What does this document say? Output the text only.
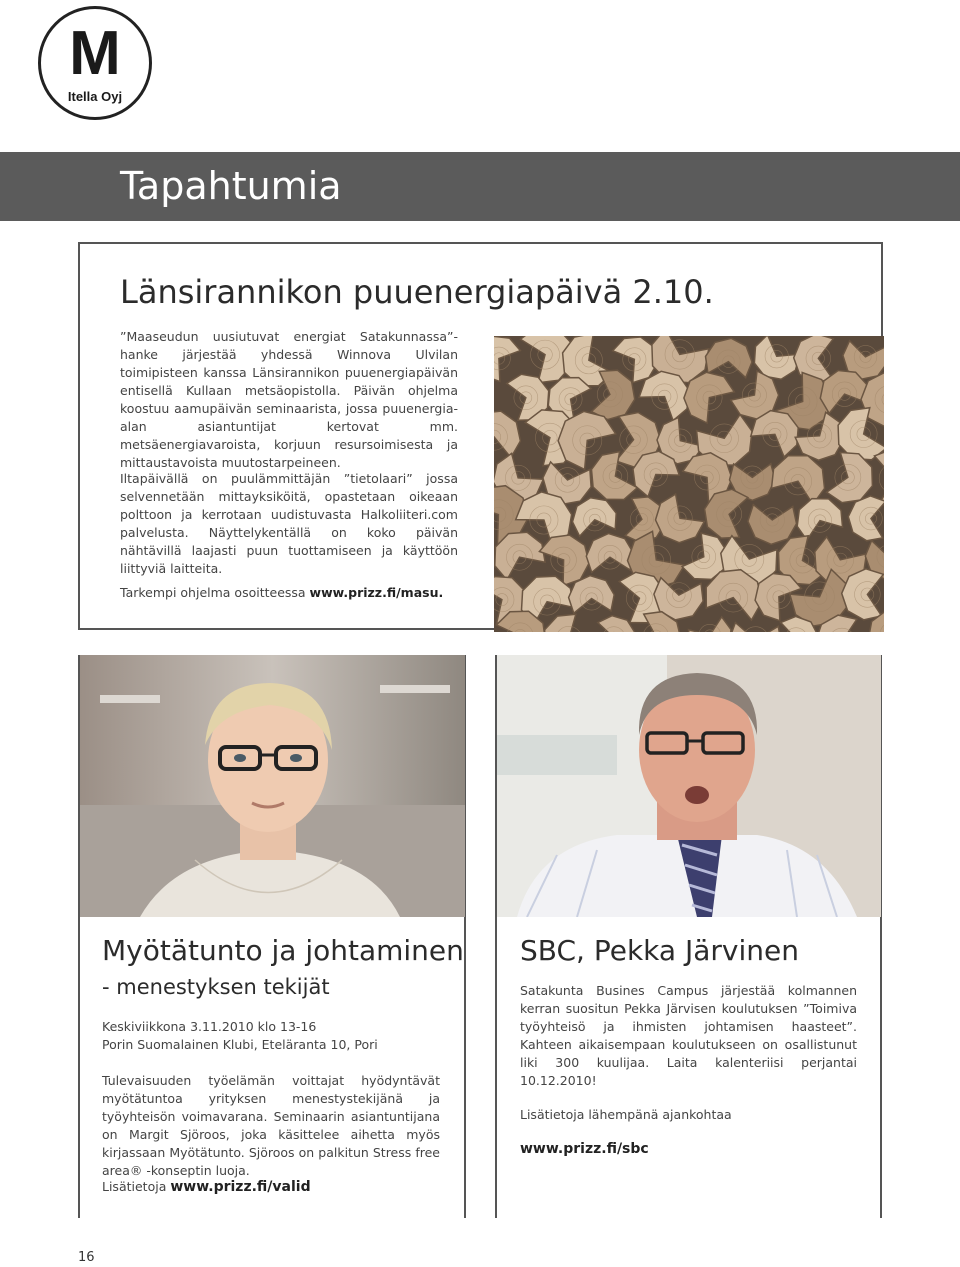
M
Itella Oyj
Tapahtumia
Länsirannikon puuenergiapäivä 2.10.

”Maaseudun uusiutuvat energiat Satakunnassa”-hanke järjestää yhdessä Winnova Ulvilan toimipisteen kanssa Länsirannikon puuenergiapäivän entisellä Kullaan metsäopistolla. Päivän ohjelma koostuu aamupäivän seminaarista, jossa puuenergia-alan asiantuntijat kertovat mm. metsäenergiavaroista, korjuun resursoimisesta ja mittaustavoista muutostarpeineen.

Iltapäivällä on puulämmittäjän ”tietolaari” jossa selvennetään mittayksiköitä, opastetaan oikeaan polttoon ja kerrotaan uudistuvasta Halkoliiteri.com palvelusta. Näyttelykentällä on koko päivän nähtävillä laajasti puun tuottamiseen ja käyttöön liittyviä laitteita.

Tarkempi ohjelma osoitteessa www.prizz.fi/masu.
Myötätunto ja johtaminen
- menestyksen tekijät

Keskiviikkona 3.11.2010 klo 13-16

Porin Suomalainen Klubi, Eteläranta 10, Pori

Tulevaisuuden työelämän voittajat hyödyntävät myötätuntoa yrityksen menestystekijänä ja työyhteisön voimavarana. Seminaarin asiantuntijana on Margit Sjöroos, joka käsittelee aihetta myös kirjassaan Myötätunto. Sjöroos on palkitun Stress free area® -konseptin luoja.

Lisätietoja www.prizz.fi/valid
SBC, Pekka Järvinen

Satakunta Busines Campus järjestää kolmannen kerran suositun Pekka Järvisen koulutuksen ”Toimiva työyhteisö ja ihmisten johtamisen haasteet”. Kahteen aikaisempaan koulutukseen on osallistunut liki 300 kuulijaa. Laita kalenteriisi perjantai 10.12.2010!

Lisätietoja lähempänä ajankohtaa
www.prizz.fi/sbc
16
